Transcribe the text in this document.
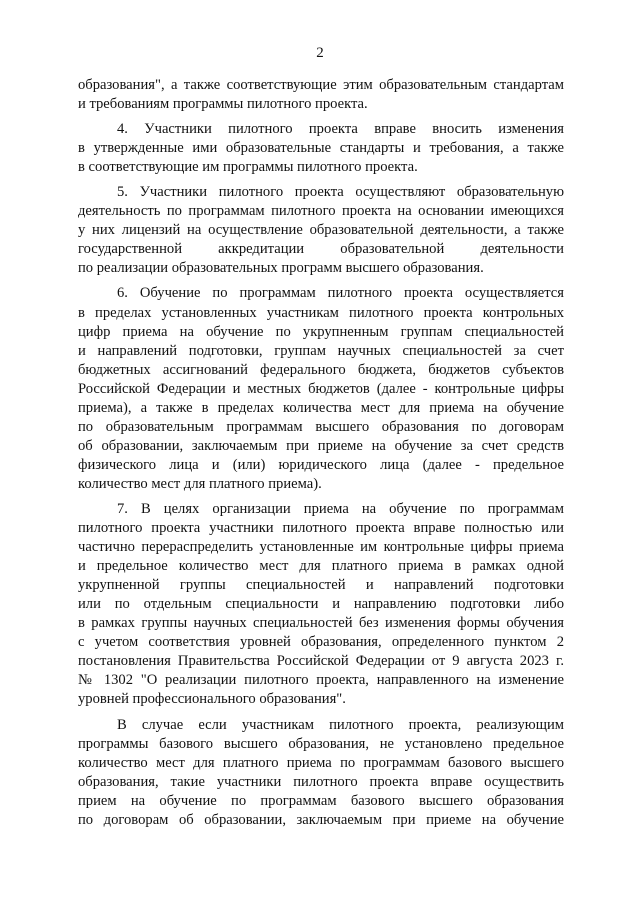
2
образования", а также соответствующие этим образовательным стандартам
и требованиям программы пилотного проекта.
4. Участники пилотного проекта вправе вносить изменения
в утвержденные ими образовательные стандарты и требования, а также
в соответствующие им программы пилотного проекта.
5. Участники пилотного проекта осуществляют образовательную
деятельность по программам пилотного проекта на основании имеющихся
у них лицензий на осуществление образовательной деятельности, а также
государственной аккредитации образовательной деятельности
по реализации образовательных программ высшего образования.
6. Обучение по программам пилотного проекта осуществляется
в пределах установленных участникам пилотного проекта контрольных
цифр приема на обучение по укрупненным группам специальностей
и направлений подготовки, группам научных специальностей за счет
бюджетных ассигнований федерального бюджета, бюджетов субъектов
Российской Федерации и местных бюджетов (далее - контрольные цифры
приема), а также в пределах количества мест для приема на обучение
по образовательным программам высшего образования по договорам
об образовании, заключаемым при приеме на обучение за счет средств
физического лица и (или) юридического лица (далее - предельное
количество мест для платного приема).
7. В целях организации приема на обучение по программам
пилотного проекта участники пилотного проекта вправе полностью или
частично перераспределить установленные им контрольные цифры приема
и предельное количество мест для платного приема в рамках одной
укрупненной группы специальностей и направлений подготовки
или по отдельным специальности и направлению подготовки либо
в рамках группы научных специальностей без изменения формы обучения
с учетом соответствия уровней образования, определенного пунктом 2
постановления Правительства Российской Федерации от 9 августа 2023 г.
№ 1302 "О реализации пилотного проекта, направленного на изменение
уровней профессионального образования".
В случае если участникам пилотного проекта, реализующим
программы базового высшего образования, не установлено предельное
количество мест для платного приема по программам базового высшего
образования, такие участники пилотного проекта вправе осуществить
прием на обучение по программам базового высшего образования
по договорам об образовании, заключаемым при приеме на обучение
